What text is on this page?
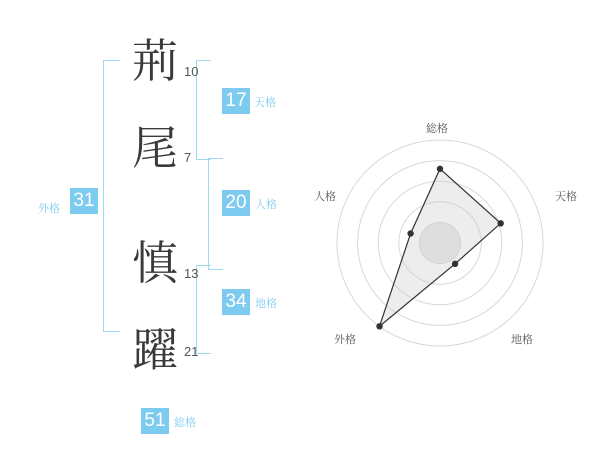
荊 10
尾 7
慎 13
躍 21
17 天格
20 人格
34 地格
外格 31
51 総格
総格
天格
地格
外格
人格
